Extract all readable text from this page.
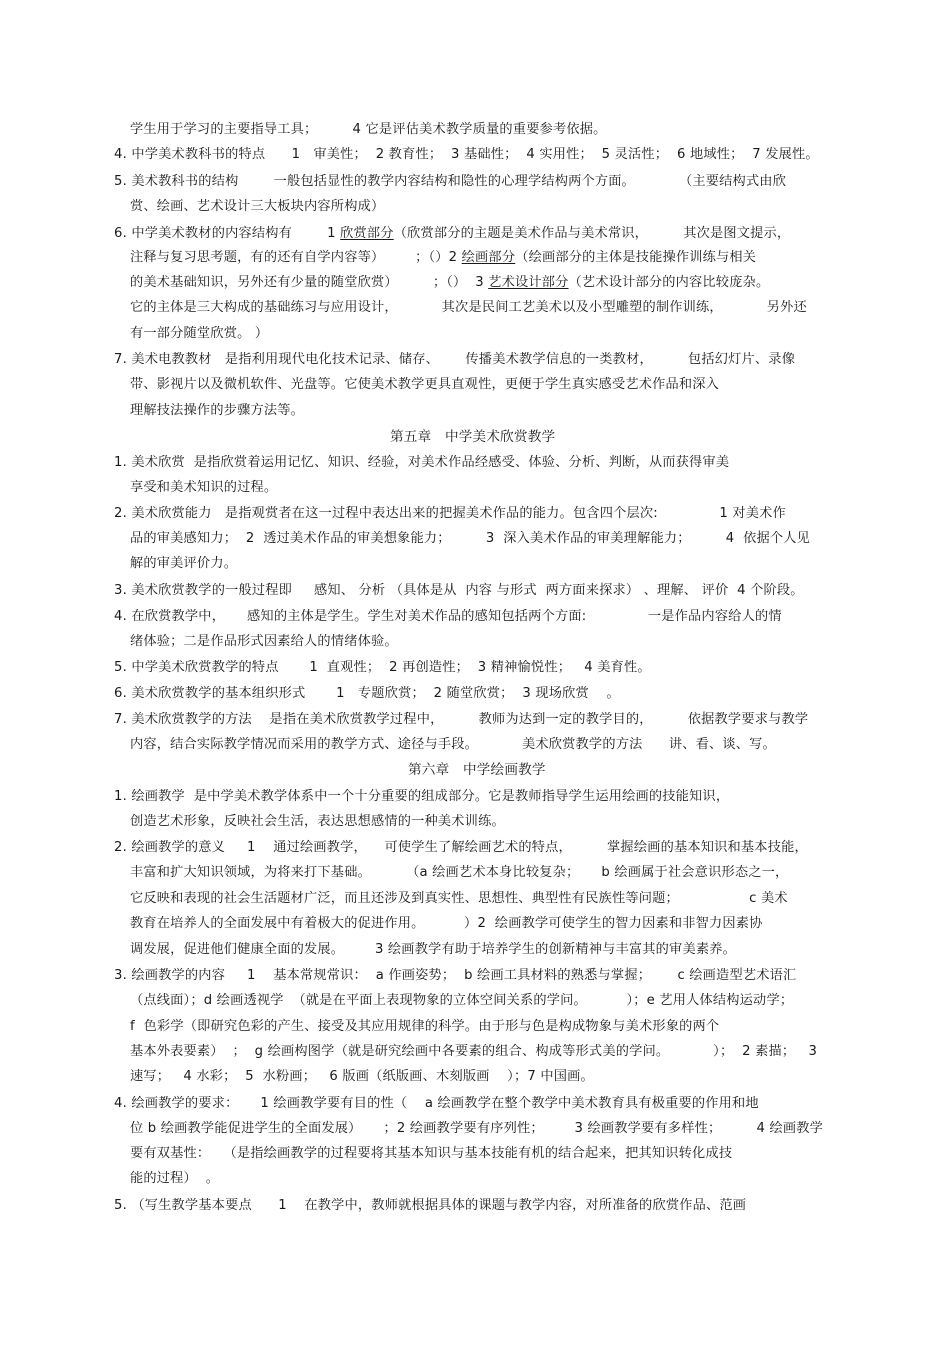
学生用于学习的主要指导工具；        4 它是评估美术教学质量的重要参考依据。
4. 中学美术教科书的特点      1   审美性；  2 教育性；  3 基础性；  4 实用性；  5 灵活性；  6 地域性；  7 发展性。
5. 美术教科书的结构        一般包括显性的教学内容结构和隐性的心理学结构两个方面。          （主要结构式由欣
赏、绘画、艺术设计三大板块内容所构成）
6. 中学美术教材的内容结构有        1 欣赏部分（欣赏部分的主题是美术作品与美术常识，        其次是图文提示，
注释与复习思考题，有的还有自学内容等）       ；（）2 绘画部分（绘画部分的主体是技能操作训练与相关
的美术基础知识，另外还有少量的随堂欣赏）        ；（）  3 艺术设计部分（艺术设计部分的内容比较庞杂。
它的主体是三大构成的基础练习与应用设计，          其次是民间工艺美术以及小型雕塑的制作训练，          另外还
有一部分随堂欣赏。 ）
7. 美术电教教材   是指利用现代电化技术记录、储存、      传播美术教学信息的一类教材，        包括幻灯片、录像
带、影视片以及微机软件、光盘等。它使美术教学更具直观性，更便于学生真实感受艺术作品和深入
理解技法操作的步骤方法等。
第五章   中学美术欣赏教学
1. 美术欣赏  是指欣赏着运用记忆、知识、经验，对美术作品经感受、体验、分析、判断，从而获得审美
享受和美术知识的过程。
2. 美术欣赏能力   是指观赏者在这一过程中表达出来的把握美术作品的能力。包含四个层次:              1 对美术作
品的审美感知力；  2  透过美术作品的审美想象能力；        3  深入美术作品的审美理解能力；        4  依据个人见
解的审美评价力。
3. 美术欣赏教学的一般过程即     感知、 分析 （具体是从  内容 与形式  两方面来探求） 、理解、 评价  4 个阶段。
4. 在欣赏教学中，     感知的主体是学生。学生对美术作品的感知包括两个方面:              一是作品内容给人的情
绪体验；二是作品形式因素给人的情绪体验。
5. 中学美术欣赏教学的特点       1  直观性；  2 再创造性；  3 精神愉悦性；   4 美育性。
6. 美术欣赏教学的基本组织形式       1   专题欣赏；  2 随堂欣赏；  3 现场欣赏    。
7. 美术欣赏教学的方法    是指在美术欣赏教学过程中，        教师为达到一定的教学目的，        依据教学要求与教学
内容，结合实际教学情况而采用的教学方式、途径与手段。          美术欣赏教学的方法      讲、看、谈、写。
第六章   中学绘画教学
1. 绘画教学  是中学美术教学体系中一个十分重要的组成部分。它是教师指导学生运用绘画的技能知识，
创造艺术形象，反映社会生活，表达思想感情的一种美术训练。
2. 绘画教学的意义     1    通过绘画教学，    可使学生了解绘画艺术的特点，        掌握绘画的基本知识和基本技能，
丰富和扩大知识领域，为将来打下基础。        （a 绘画艺术本身比较复杂；     b 绘画属于社会意识形态之一，
它反映和表现的社会生活题材广泛，而且还涉及到真实性、思想性、典型性有民族性等问题；                c 美术
教育在培养人的全面发展中有着极大的促进作用。         ）2  绘画教学可使学生的智力因素和非智力因素协
调发展，促进他们健康全面的发展。       3 绘画教学有助于培养学生的创新精神与丰富其的审美素养。
3. 绘画教学的内容     1    基本常规常识：  a 作画姿势；  b 绘画工具材料的熟悉与掌握；      c 绘画造型艺术语汇
（点线面）；d 绘画透视学  （就是在平面上表现物象的立体空间关系的学问。         ）；e 艺用人体结构运动学；
f  色彩学（即研究色彩的产生、接受及其应用规律的科学。由于形与色是构成物象与美术形象的两个
基本外表要素）  ；  g 绘画构图学（就是研究绘画中各要素的组合、构成等形式美的学问。          ）；  2 素描；   3
速写；   4 水彩；  5  水粉画；   6 版画（纸版画、木刻版画    ）；7 中国画。
4. 绘画教学的要求：     1 绘画教学要有目的性（    a 绘画教学在整个教学中美术教育具有极重要的作用和地
位 b 绘画教学能促进学生的全面发展）     ；2 绘画教学要有序列性；       3 绘画教学要有多样性；        4 绘画教学
要有双基性：   （是指绘画教学的过程要将其基本知识与基本技能有机的结合起来，把其知识转化成技
能的过程）  。
5. （写生教学基本要点      1    在教学中，教师就根据具体的课题与教学内容，对所准备的欣赏作品、范画
